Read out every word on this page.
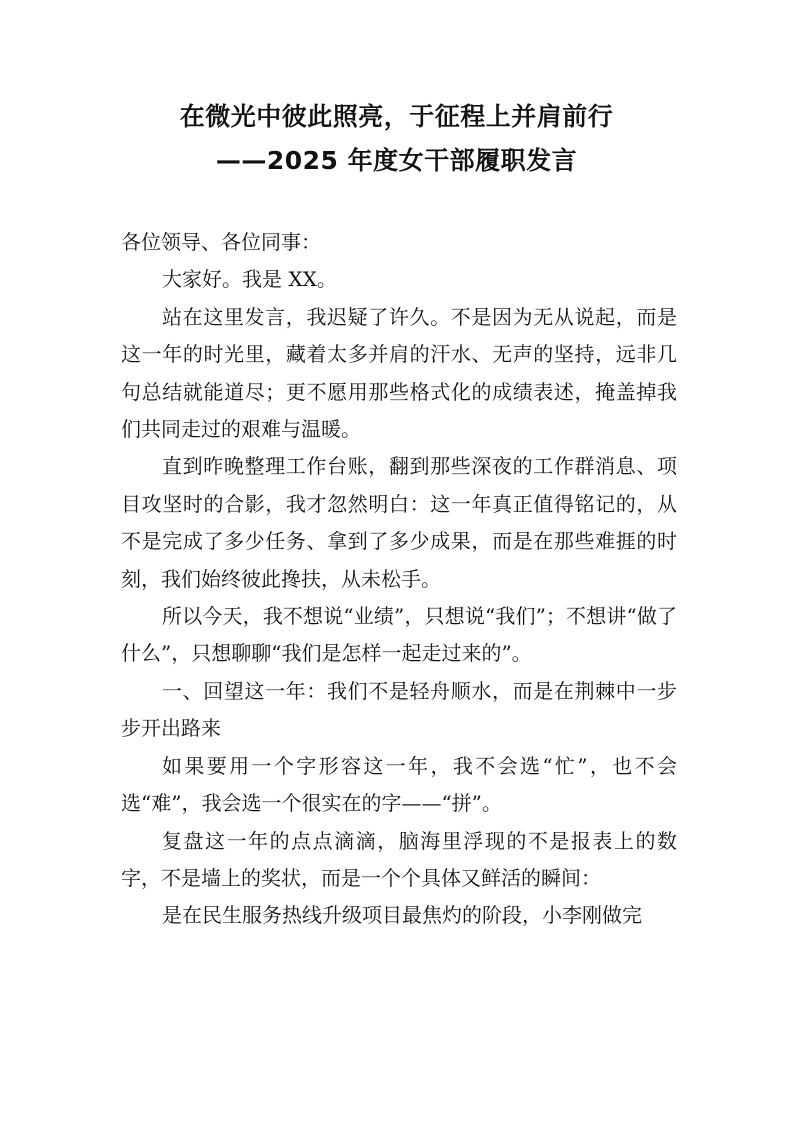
在微光中彼此照亮，于征程上并肩前行
——2025 年度女干部履职发言

各位领导、各位同事：

大家好。我是 XX。

站在这里发言，我迟疑了许久。不是因为无从说起，而是这一年的时光里，藏着太多并肩的汗水、无声的坚持，远非几句总结就能道尽；更不愿用那些格式化的成绩表述，掩盖掉我们共同走过的艰难与温暖。

直到昨晚整理工作台账，翻到那些深夜的工作群消息、项目攻坚时的合影，我才忽然明白：这一年真正值得铭记的，从不是完成了多少任务、拿到了多少成果，而是在那些难捱的时刻，我们始终彼此搀扶，从未松手。

所以今天，我不想说“业绩”，只想说“我们”；不想讲“做了什么”，只想聊聊“我们是怎样一起走过来的”。

一、回望这一年：我们不是轻舟顺水，而是在荆棘中一步步开出路来

如果要用一个字形容这一年，我不会选“忙”，也不会选“难”，我会选一个很实在的字——“拼”。

复盘这一年的点点滴滴，脑海里浮现的不是报表上的数字，不是墙上的奖状，而是一个个具体又鲜活的瞬间：

是在民生服务热线升级项目最焦灼的阶段，小李刚做完
